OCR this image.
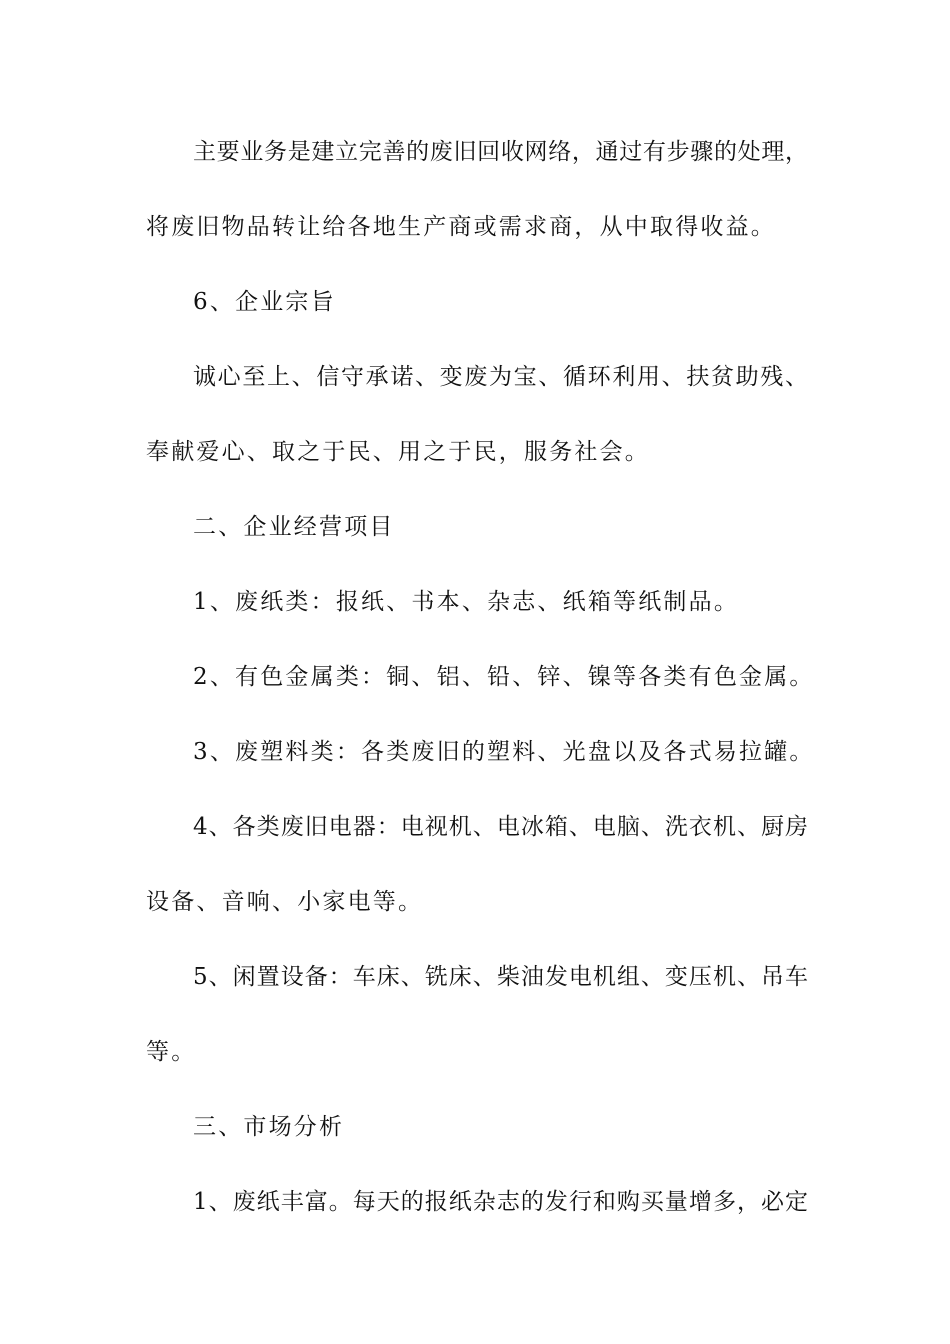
主要业务是建立完善的废旧回收网络，通过有步骤的处理，
将废旧物品转让给各地生产商或需求商，从中取得收益。
6、企业宗旨
诚心至上、信守承诺、变废为宝、循环利用、扶贫助残、
奉献爱心、取之于民、用之于民，服务社会。
二、企业经营项目
1、废纸类：报纸、书本、杂志、纸箱等纸制品。
2、有色金属类：铜、铝、铅、锌、镍等各类有色金属。
3、废塑料类：各类废旧的塑料、光盘以及各式易拉罐。
4、各类废旧电器：电视机、电冰箱、电脑、洗衣机、厨房
设备、音响、小家电等。
5、闲置设备：车床、铣床、柴油发电机组、变压机、吊车
等。
三、市场分析
1、废纸丰富。每天的报纸杂志的发行和购买量增多，必定
